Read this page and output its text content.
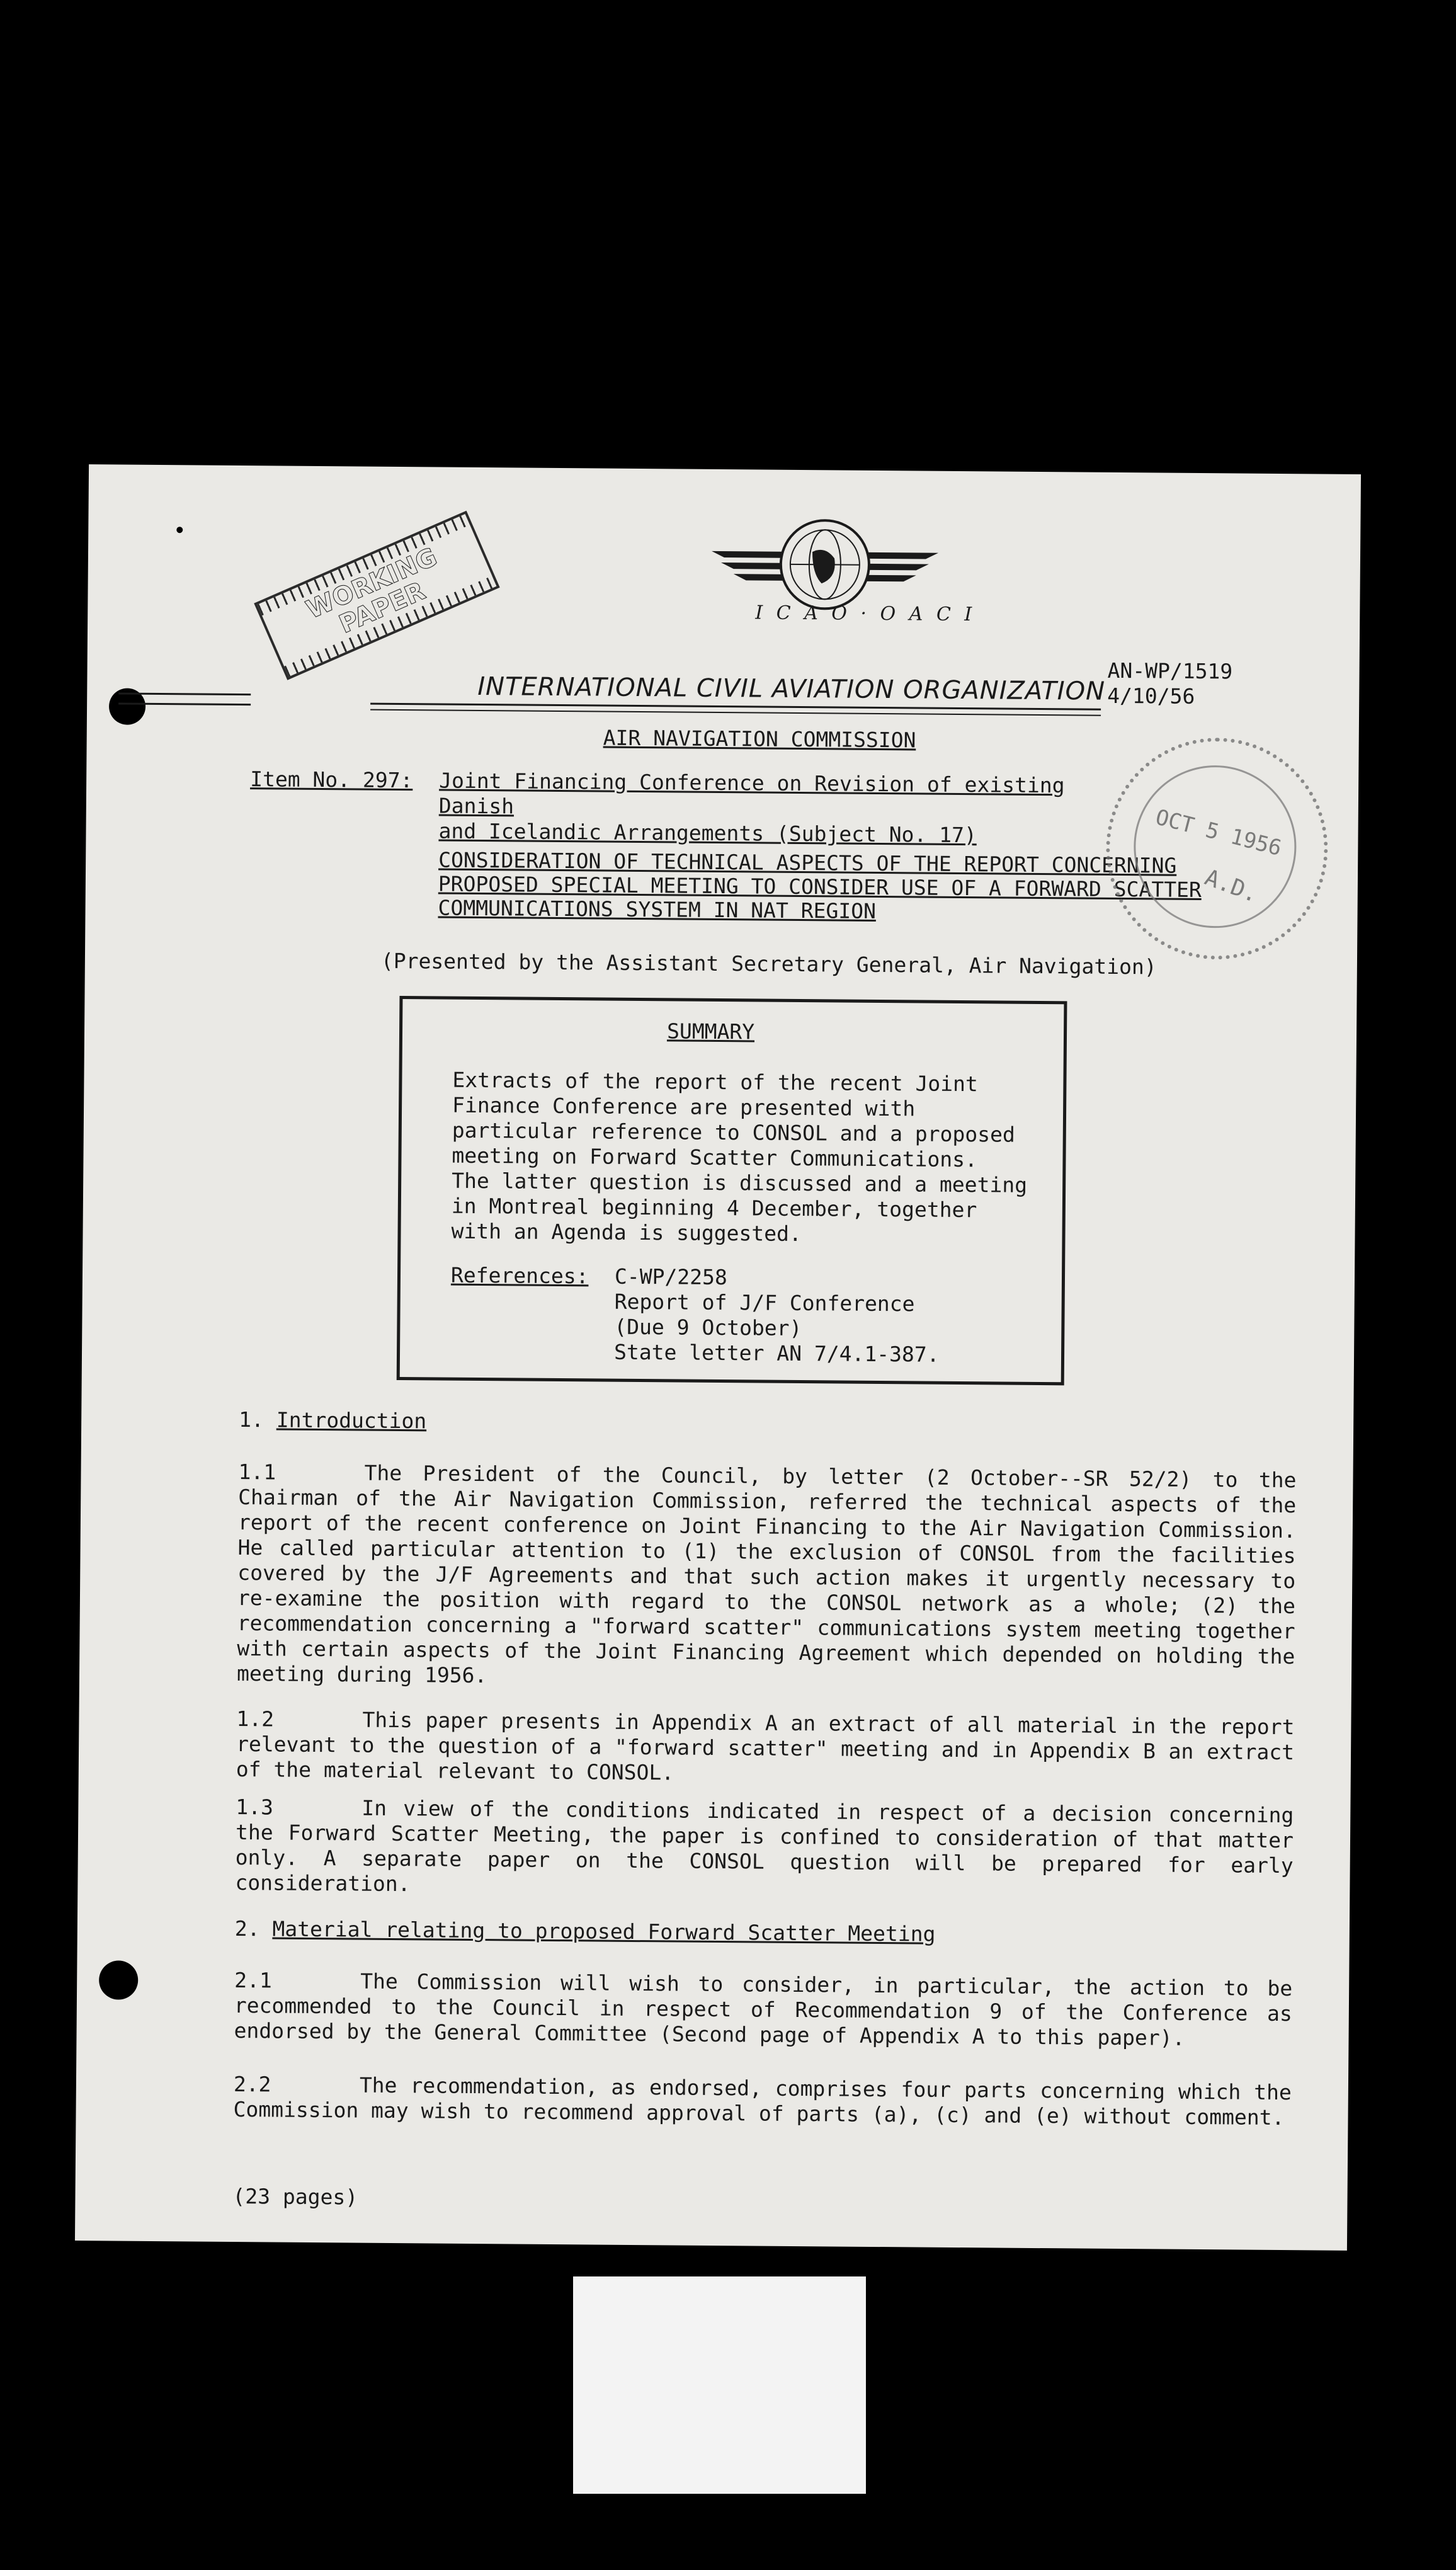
WORKING PAPER	I C A O · O A C I
INTERNATIONAL CIVIL AVIATION ORGANIZATION
AN-WP/1519
4/10/56
AIR NAVIGATION COMMISSION
Item No. 297: Joint Financing Conference on Revision of existing Danish
and Icelandic Arrangements (Subject No. 17)
CONSIDERATION OF TECHNICAL ASPECTS OF THE REPORT CONCERNING PROPOSED SPECIAL MEETING TO CONSIDER USE OF A FORWARD SCATTER COMMUNICATIONS SYSTEM IN NAT REGION
(Presented by the Assistant Secretary General, Air Navigation)
OCT 5 1956
A.D.
SUMMARY
Extracts of the report of the recent Joint
Finance Conference are presented with
particular reference to CONSOL and a proposed
meeting on Forward Scatter Communications.
The latter question is discussed and a meeting
in Montreal beginning 4 December, together
with an Agenda is suggested.
References: C-WP/2258
Report of J/F Conference
(Due 9 October)
State letter AN 7/4.1-387.
1. Introduction
1.1	The President of the Council, by letter (2 October--SR 52/2) to the Chairman of the Air Navigation Commission, referred the technical aspects of the report of the recent conference on Joint Financing to the Air Navigation Commission. He called particular attention to (1) the exclusion of CONSOL from the facilities covered by the J/F Agreements and that such action makes it urgently necessary to re-examine the position with regard to the CONSOL network as a whole; (2) the recommendation concerning a "forward scatter" communications system meeting together with certain aspects of the Joint Financing Agreement which depended on holding the meeting during 1956.
1.2	This paper presents in Appendix A an extract of all material in the report relevant to the question of a "forward scatter" meeting and in Appendix B an extract of the material relevant to CONSOL.
1.3	In view of the conditions indicated in respect of a decision concerning the Forward Scatter Meeting, the paper is confined to consideration of that matter only. A separate paper on the CONSOL question will be prepared for early consideration.
2. Material relating to proposed Forward Scatter Meeting
2.1	The Commission will wish to consider, in particular, the action to be recommended to the Council in respect of Recommendation 9 of the Conference as endorsed by the General Committee (Second page of Appendix A to this paper).
2.2	The recommendation, as endorsed, comprises four parts concerning which the Commission may wish to recommend approval of parts (a), (c) and (e) without comment.
(23 pages)
